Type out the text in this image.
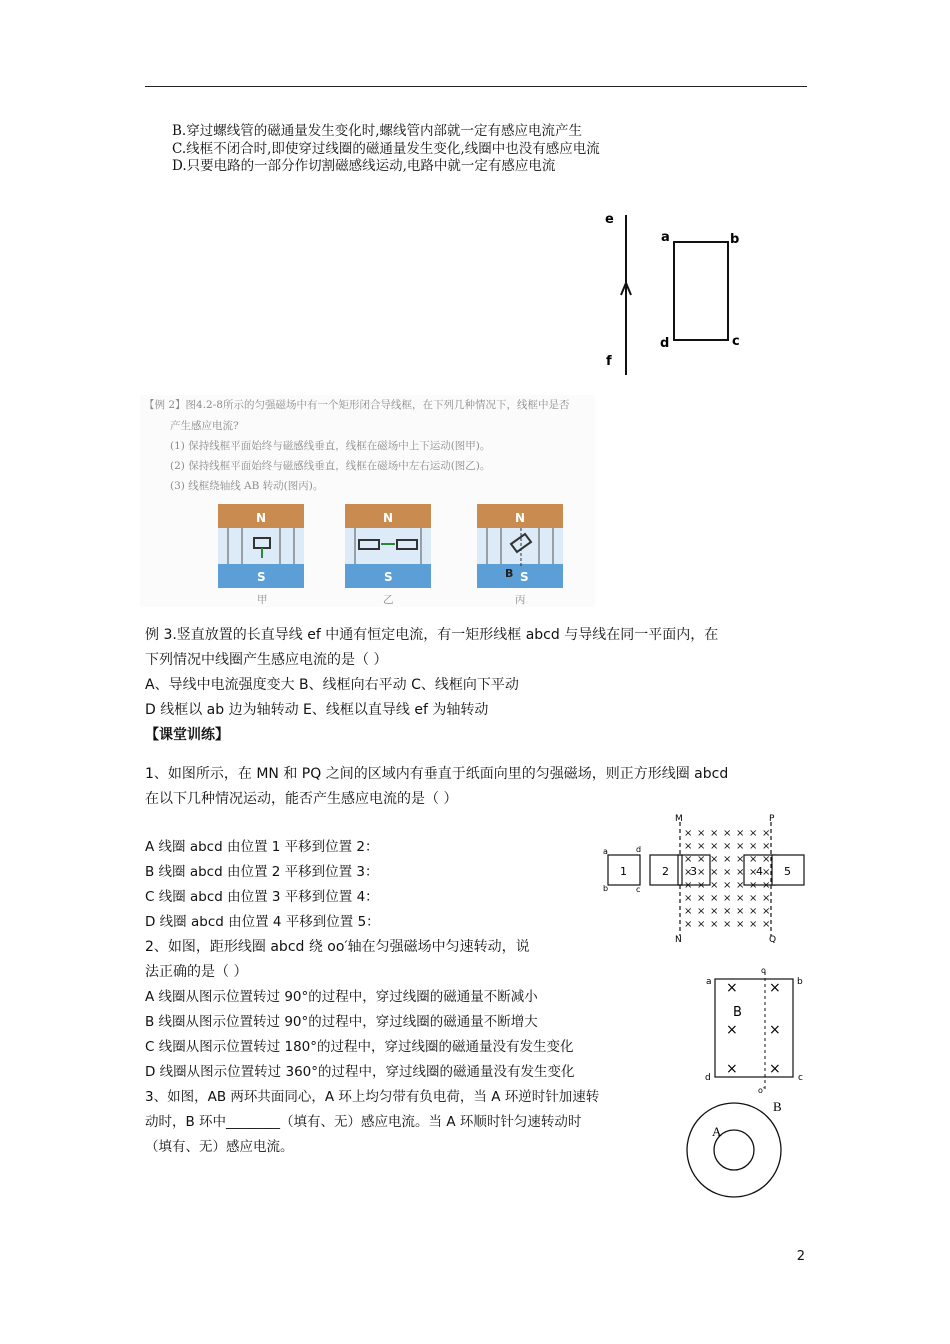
B.穿过螺线管的磁通量发生变化时,螺线管内部就一定有感应电流产生
C.线框不闭合时,即使穿过线圈的磁通量发生变化,线圈中也没有感应电流
D.只要电路的一部分作切割磁感线运动,电路中就一定有感应电流
e
f
a	b
c
d
【例 2】图4.2-8所示的匀强磁场中有一个矩形闭合导线框，在下列几种情况下，线框中是否
产生感应电流?
(1) 保持线框平面始终与磁感线垂直，线框在磁场中上下运动(图甲)。
(2) 保持线框平面始终与磁感线垂直，线框在磁场中左右运动(图乙)。
(3) 线框绕轴线 AB 转动(图丙)。
N
S
N
S
N
B S
甲	乙	丙
例 3.竖直放置的长直导线 ef 中通有恒定电流，有一矩形线框 abcd 与导线在同一平面内，在
下列情况中线圈产生感应电流的是（ ）
A、导线中电流强度变大 B、线框向右平动 C、线框向下平动
D 线框以 ab 边为轴转动 E、线框以直导线 ef 为轴转动
【课堂训练】
1、如图所示，在 MN 和 PQ 之间的区域内有垂直于纸面向里的匀强磁场，则正方形线圈 abcd
在以下几种情况运动，能否产生感应电流的是（ ）
A 线圈 abcd 由位置 1 平移到位置 2：
B 线圈 abcd 由位置 2 平移到位置 3：
C 线圈 abcd 由位置 3 平移到位置 4：
D 线圈 abcd 由位置 4 平移到位置 5：
× × × × × × ×
× × × × × × ×
× × × × × × ×
× × × × × × ×
× × × × × × ×
× × × × × × ×
× × × × × × ×
× × × × × × ×
1	2 3	4 5
a	d
b	c
M	P
N	Q
2、如图，距形线圈 abcd 绕 oo′轴在匀强磁场中匀速转动，说
法正确的是（ ）
A 线圈从图示位置转过 90°的过程中，穿过线圈的磁通量不断减小
B 线圈从图示位置转过 90°的过程中，穿过线圈的磁通量不断增大
C 线圈从图示位置转过 180°的过程中，穿过线圈的磁通量没有发生变化
D 线圈从图示位置转过 360°的过程中，穿过线圈的磁通量没有发生变化
× ×
× ×
× ×
B
a	b
c
d
o
o′
3、如图，AB 两环共面同心，A 环上均匀带有负电荷，当 A 环逆时针加速转
动时，B 环中________（填有、无）感应电流。当 A 环顺时针匀速转动时
（填有、无）感应电流。
A
B
2
